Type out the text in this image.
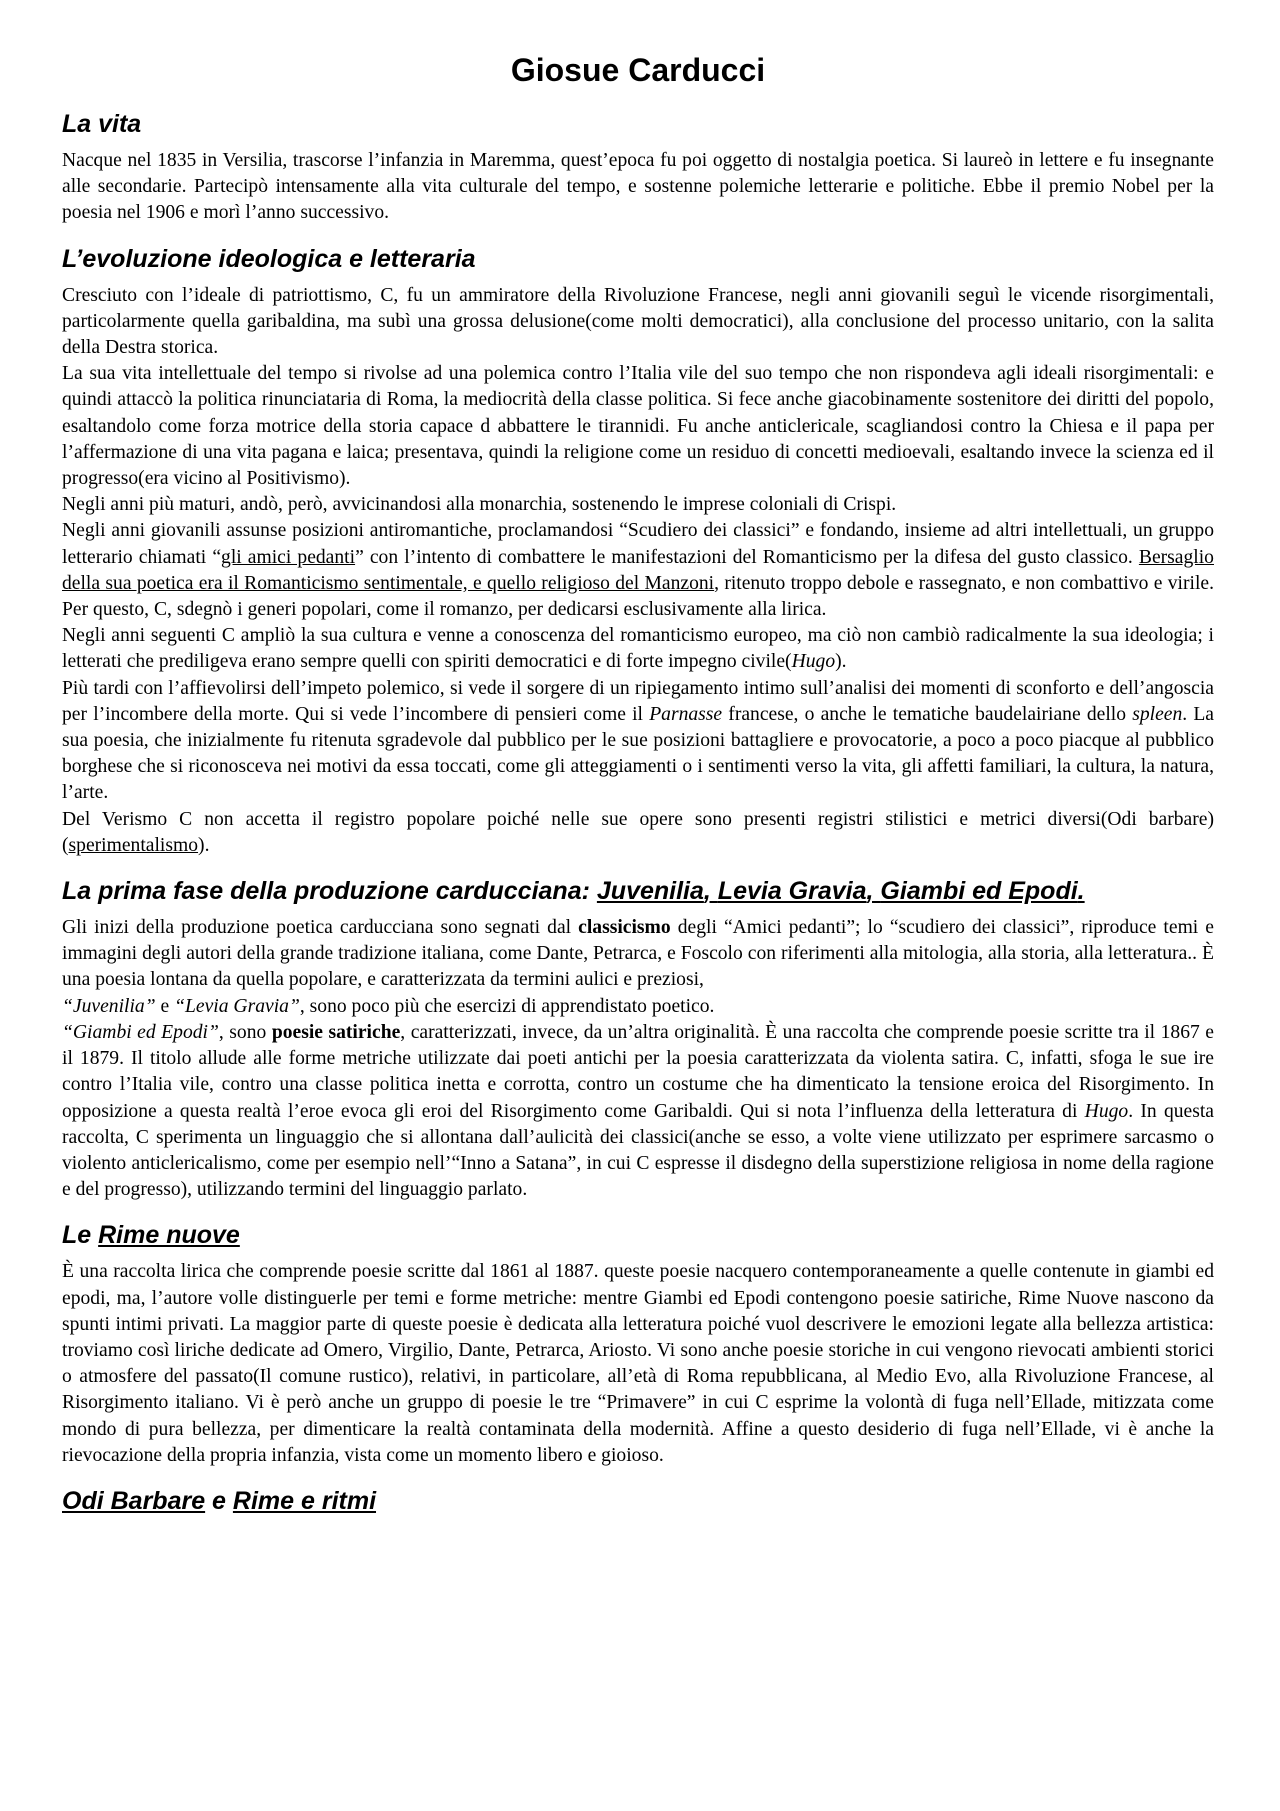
Giosue Carducci
La vita

Nacque nel 1835 in Versilia, trascorse l’infanzia in Maremma, quest’epoca fu poi oggetto di nostalgia poetica. Si laureò in lettere e fu insegnante alle secondarie. Partecipò intensamente alla vita culturale del tempo, e sostenne polemiche letterarie e politiche. Ebbe il premio Nobel per la poesia nel 1906 e morì l’anno successivo.

L’evoluzione ideologica e letteraria

Cresciuto con l’ideale di patriottismo, C, fu un ammiratore della Rivoluzione Francese, negli anni giovanili seguì le vicende risorgimentali, particolarmente quella garibaldina, ma subì una grossa delusione(come molti democratici), alla conclusione del processo unitario, con la salita della Destra storica.

La sua vita intellettuale del tempo si rivolse ad una polemica contro l’Italia vile del suo tempo che non rispondeva agli ideali risorgimentali: e quindi attaccò la politica rinunciataria di Roma, la mediocrità della classe politica. Si fece anche giacobinamente sostenitore dei diritti del popolo, esaltandolo come forza motrice della storia capace d abbattere le tirannidi. Fu anche anticlericale, scagliandosi contro la Chiesa e il papa per l’affermazione di una vita pagana e laica; presentava, quindi la religione come un residuo di concetti medioevali, esaltando invece la scienza ed il progresso(era vicino al Positivismo).

Negli anni più maturi, andò, però, avvicinandosi alla monarchia, sostenendo le imprese coloniali di Crispi.

Negli anni giovanili assunse posizioni antiromantiche, proclamandosi “Scudiero dei classici” e fondando, insieme ad altri intellettuali, un gruppo letterario chiamati “gli amici pedanti” con l’intento di combattere le manifestazioni del Romanticismo per la difesa del gusto classico. Bersaglio della sua poetica era il Romanticismo sentimentale, e quello religioso del Manzoni, ritenuto troppo debole e rassegnato, e non combattivo e virile. Per questo, C, sdegnò i generi popolari, come il romanzo, per dedicarsi esclusivamente alla lirica.

Negli anni seguenti C ampliò la sua cultura e venne a conoscenza del romanticismo europeo, ma ciò non cambiò radicalmente la sua ideologia; i letterati che prediligeva erano sempre quelli con spiriti democratici e di forte impegno civile(Hugo).

Più tardi con l’affievolirsi dell’impeto polemico, si vede il sorgere di un ripiegamento intimo sull’analisi dei momenti di sconforto e dell’angoscia per l’incombere della morte. Qui si vede l’incombere di pensieri come il Parnasse francese, o anche le tematiche baudelairiane dello spleen. La sua poesia, che inizialmente fu ritenuta sgradevole dal pubblico per le sue posizioni battagliere e provocatorie, a poco a poco piacque al pubblico borghese che si riconosceva nei motivi da essa toccati, come gli atteggiamenti o i sentimenti verso la vita, gli affetti familiari, la cultura, la natura, l’arte.

Del Verismo C non accetta il registro popolare poiché nelle sue opere sono presenti registri stilistici e metrici diversi(Odi barbare)(sperimentalismo).

La prima fase della produzione carducciana: Juvenilia, Levia Gravia, Giambi ed Epodi.

Gli inizi della produzione poetica carducciana sono segnati dal classicismo degli “Amici pedanti”; lo “scudiero dei classici”, riproduce temi e immagini degli autori della grande tradizione italiana, come Dante, Petrarca, e Foscolo con riferimenti alla mitologia, alla storia, alla letteratura.. È una poesia lontana da quella popolare, e caratterizzata da termini aulici e preziosi,

“Juvenilia” e “Levia Gravia”, sono poco più che esercizi di apprendistato poetico.

“Giambi ed Epodi”, sono poesie satiriche, caratterizzati, invece, da un’altra originalità. È una raccolta che comprende poesie scritte tra il 1867 e il 1879. Il titolo allude alle forme metriche utilizzate dai poeti antichi per la poesia caratterizzata da violenta satira. C, infatti, sfoga le sue ire contro l’Italia vile, contro una classe politica inetta e corrotta, contro un costume che ha dimenticato la tensione eroica del Risorgimento. In opposizione a questa realtà l’eroe evoca gli eroi del Risorgimento come Garibaldi. Qui si nota l’influenza della letteratura di Hugo. In questa raccolta, C sperimenta un linguaggio che si allontana dall’aulicità dei classici(anche se esso, a volte viene utilizzato per esprimere sarcasmo o violento anticlericalismo, come per esempio nell’“Inno a Satana”, in cui C espresse il disdegno della superstizione religiosa in nome della ragione e del progresso), utilizzando termini del linguaggio parlato.

Le Rime nuove

È una raccolta lirica che comprende poesie scritte dal 1861 al 1887. queste poesie nacquero contemporaneamente a quelle contenute in giambi ed epodi, ma, l’autore volle distinguerle per temi e forme metriche: mentre Giambi ed Epodi contengono poesie satiriche, Rime Nuove nascono da spunti intimi privati. La maggior parte di queste poesie è dedicata alla letteratura poiché vuol descrivere le emozioni legate alla bellezza artistica: troviamo così liriche dedicate ad Omero, Virgilio, Dante, Petrarca, Ariosto. Vi sono anche poesie storiche in cui vengono rievocati ambienti storici o atmosfere del passato(Il comune rustico), relativi, in particolare, all’età di Roma repubblicana, al Medio Evo, alla Rivoluzione Francese, al Risorgimento italiano. Vi è però anche un gruppo di poesie le tre “Primavere” in cui C esprime la volontà di fuga nell’Ellade, mitizzata come mondo di pura bellezza, per dimenticare la realtà contaminata della modernità. Affine a questo desiderio di fuga nell’Ellade, vi è anche la rievocazione della propria infanzia, vista come un momento libero e gioioso.

Odi Barbare e Rime e ritmi
